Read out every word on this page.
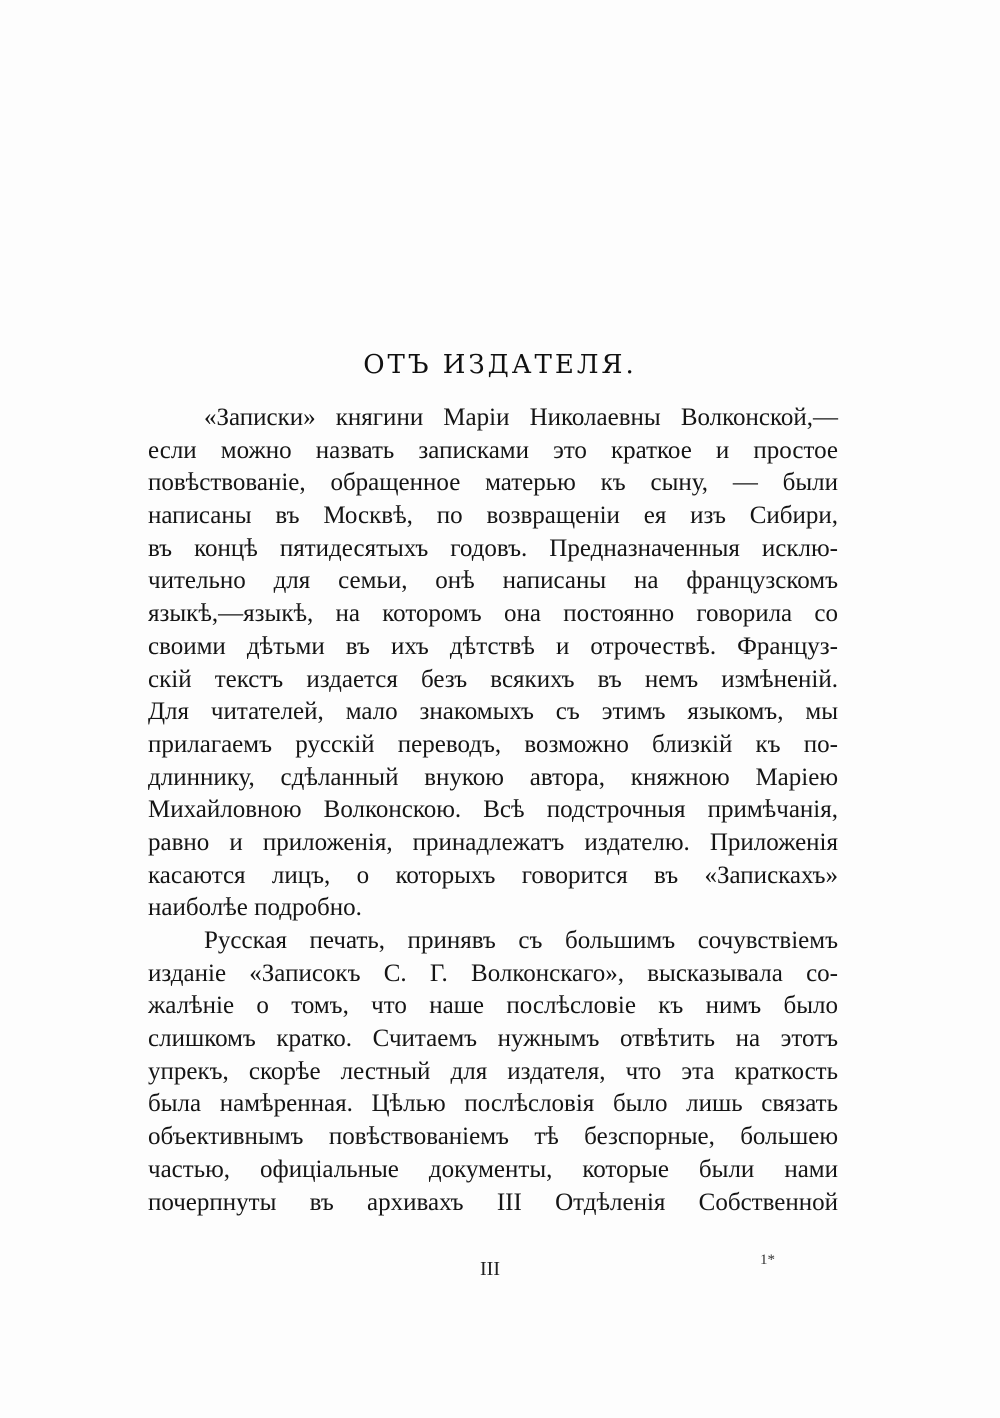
ОТЪ ИЗДАТЕЛЯ.
«Записки» княгини Маріи Николаевны Волконской,—
если можно назвать записками это краткое и простое
повѣствованіе, обращенное матерью къ сыну, — были
написаны въ Москвѣ, по возвращеніи ея изъ Сибири,
въ концѣ пятидесятыхъ годовъ. Предназначенныя исклю-
чительно для семьи, онѣ написаны на французскомъ
языкѣ,—языкѣ, на которомъ она постоянно говорила со
своими дѣтьми въ ихъ дѣтствѣ и отрочествѣ. Француз-
скій текстъ издается безъ всякихъ въ немъ измѣненій.
Для читателей, мало знакомыхъ съ этимъ языкомъ, мы
прилагаемъ русскій переводъ, возможно близкій къ по-
длиннику, сдѣланный внукою автора, княжною Маріею
Михайловною Волконскою. Всѣ подстрочныя примѣчанія,
равно и приложенія, принадлежатъ издателю. Приложенія
касаются лицъ, о которыхъ говорится въ «Запискахъ»
наиболѣе подробно.
Русская печать, принявъ съ большимъ сочувствіемъ
изданіе «Записокъ С. Г. Волконскаго», высказывала со-
жалѣніе о томъ, что наше послѣсловіе къ нимъ было
слишкомъ кратко. Считаемъ нужнымъ отвѣтить на этотъ
упрекъ, скорѣе лестный для издателя, что эта краткость
была намѣренная. Цѣлью послѣсловія было лишь связать
объективнымъ повѣствованіемъ тѣ безспорные, большею
частью, офиціальные документы, которые были нами
почерпнуты въ архивахъ III Отдѣленія Собственной
III	1*
